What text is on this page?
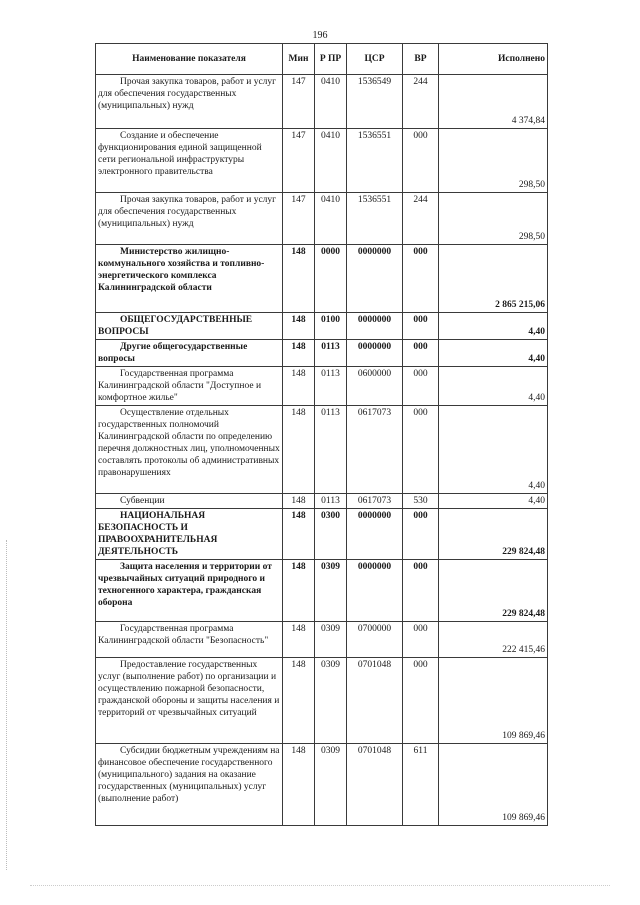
196
Наименование показателя	Мин	Р ПР	ЦСР	ВР	Исполнено
Прочая закупка товаров, работ и услуг для обеспечения государственных (муниципальных) нужд	147	0410	1536549	244	4 374,84
Создание и обеспечение функционирования единой защищенной сети региональной инфраструктуры электронного правительства	147	0410	1536551	000	298,50
Прочая закупка товаров, работ и услуг для обеспечения государственных (муниципальных) нужд	147	0410	1536551	244	298,50
Министерство жилищно-коммунального хозяйства и топливно-энергетического комплекса Калининградской области	148	0000	0000000	000	2 865 215,06
ОБЩЕГОСУДАРСТВЕННЫЕ ВОПРОСЫ	148	0100	0000000	000	4,40
Другие общегосударственные вопросы	148	0113	0000000	000	4,40
Государственная программа Калининградской области "Доступное и комфортное жилье"	148	0113	0600000	000	4,40
Осуществление отдельных государственных полномочий Калининградской области по определению перечня должностных лиц, уполномоченных составлять протоколы об административных правонарушениях	148	0113	0617073	000	4,40
Субвенции	148	0113	0617073	530	4,40
НАЦИОНАЛЬНАЯ БЕЗОПАСНОСТЬ И ПРАВООХРАНИТЕЛЬНАЯ ДЕЯТЕЛЬНОСТЬ	148	0300	0000000	000	229 824,48
Защита населения и территории от чрезвычайных ситуаций природного и техногенного характера, гражданская оборона	148	0309	0000000	000	229 824,48
Государственная программа Калининградской области "Безопасность"	148	0309	0700000	000	222 415,46
Предоставление государственных услуг (выполнение работ) по организации и осуществлению пожарной безопасности, гражданской обороны и защиты населения и территорий от чрезвычайных ситуаций	148	0309	0701048	000	109 869,46
Субсидии бюджетным учреждениям на финансовое обеспечение государственного (муниципального) задания на оказание государственных (муниципальных) услуг (выполнение работ)	148	0309	0701048	611	109 869,46
